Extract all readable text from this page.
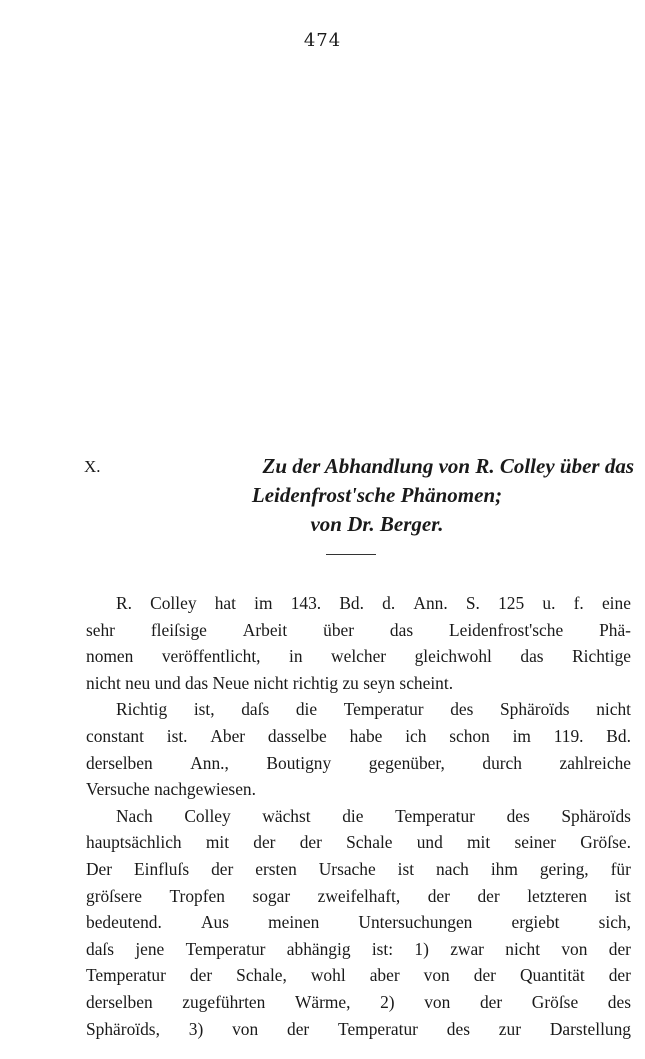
474
X.	Zu der Abhandlung von R. Colley über das
Leidenfrost'sche Phänomen;
von Dr. Berger.
R. Colley hat im 143. Bd. d. Ann. S. 125 u. f. eine
sehr fleiſsige Arbeit über das Leidenfrost'sche Phä-
nomen veröffentlicht, in welcher gleichwohl das Richtige
nicht neu und das Neue nicht richtig zu seyn scheint.
Richtig ist, daſs die Temperatur des Sphäroïds nicht
constant ist. Aber dasselbe habe ich schon im 119. Bd.
derselben Ann., Boutigny gegenüber, durch zahlreiche
Versuche nachgewiesen.
Nach Colley wächst die Temperatur des Sphäroïds
hauptsächlich mit der der Schale und mit seiner Gröſse.
Der Einfluſs der ersten Ursache ist nach ihm gering, für
gröſsere Tropfen sogar zweifelhaft, der der letzteren ist
bedeutend. Aus meinen Untersuchungen ergiebt sich,
daſs jene Temperatur abhängig ist: 1) zwar nicht von der
Temperatur der Schale, wohl aber von der Quantität der
derselben zugeführten Wärme, 2) von der Gröſse des
Sphäroïds, 3) von der Temperatur des zur Darstellung
